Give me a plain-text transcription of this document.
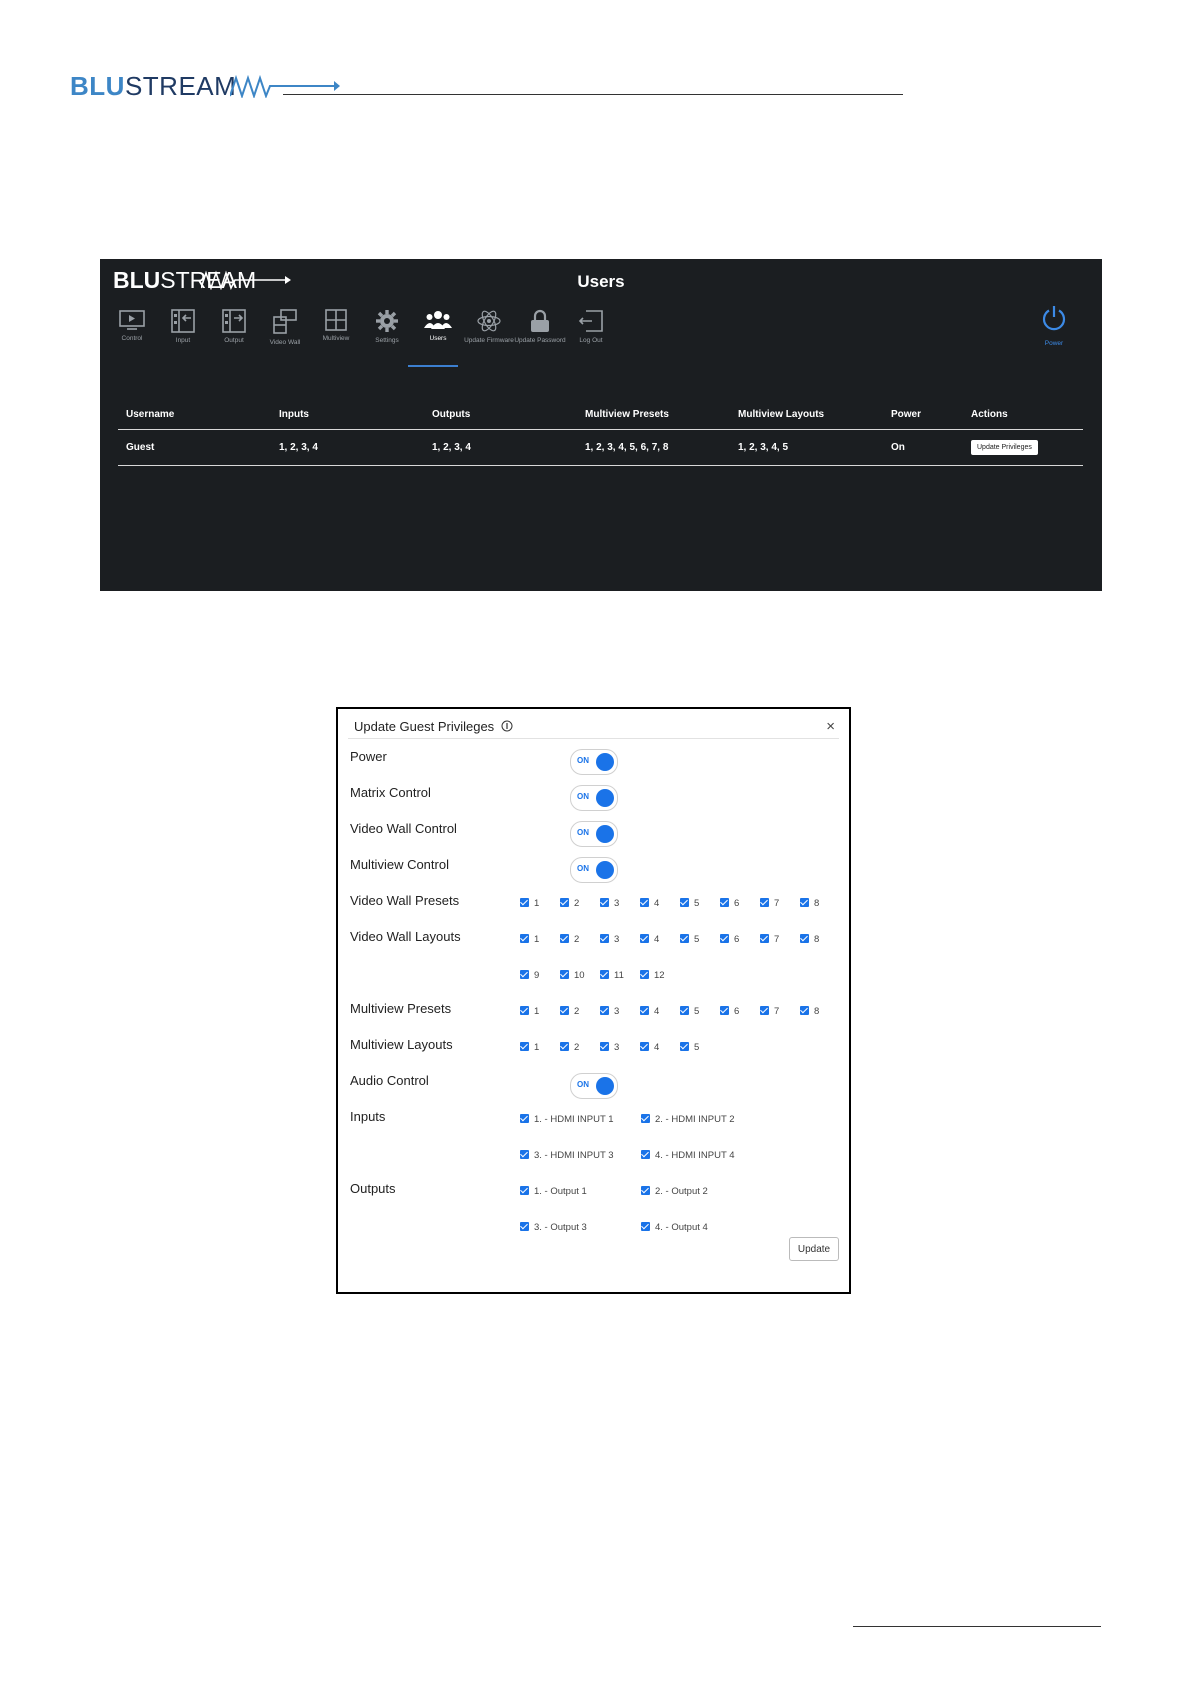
BLUSTREAM
BLUSTREAM	Users
Control	Input	Output	Video Wall
Multiview	Settings	Users	Update Firmware Update Password	Log Out	Power
Username	Inputs	Outputs	Multiview Presets	Multiview Layouts	Power	Actions
Guest	1, 2, 3, 4	1, 2, 3, 4	1, 2, 3, 4, 5, 6, 7, 8	1, 2, 3, 4, 5	On	Update Privileges
Update Guest Privileges	×
Power	ON
Matrix Control	ON
Video Wall Control	ON
Multiview Control	ON
Video Wall Presets	1	2	3	4	5	6	7	8
Video Wall Layouts	1	2	3	4	5	6	7	8
9	10	11	12
Multiview Presets	1	2	3	4	5	6	7	8
Multiview Layouts	1	2	3	4	5
Audio Control	ON
Inputs	1. - HDMI INPUT 1	2. - HDMI INPUT 2
3. - HDMI INPUT 3	4. - HDMI INPUT 4
Outputs	1. - Output 1	2. - Output 2
3. - Output 3	4. - Output 4
Update
